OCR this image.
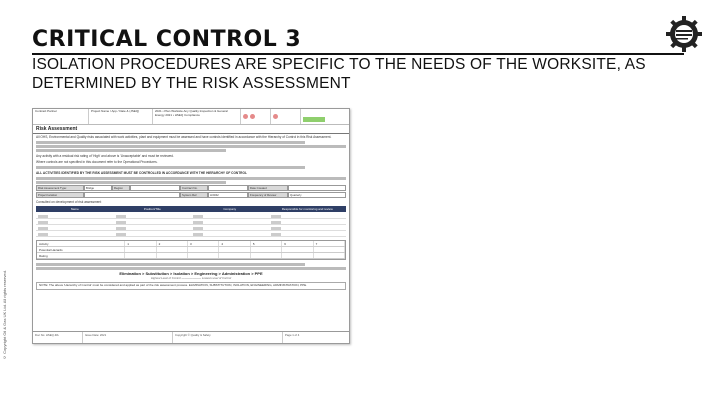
CRITICAL CONTROL 3
ISOLATION PROCEDURES ARE SPECIFIC TO THE NEEDS OF THE WORKSITE, AS DETERMINED BY THE RISK ASSESSMENT
© Copyright Oil & Gas UK Ltd. All rights reserved.
Contract Partner	Project Name / App / Date & (JSEQ)	2021 • Plan Worksite Any Quality Inspection & General Energy 2021 • HSEQ Compliance
Risk Assessment
All OHS, Environmental and Quality risks associated with work activities, plant and equipment must be assessed and have controls identified in accordance with the Hierarchy of Control in this Risk Assessment.
Any activity with a residual risk rating of 'High' and above is 'Unacceptable' and must be reviewed.
Where controls are not specified in this document refer to the Operational Procedures.
ALL ACTIVITIES IDENTIFIED BY THE RISK ASSESSMENT MUST BE CONTROLLED IN ACCORDANCE WITH THE HIERARCHY OF CONTROL
Risk Assessment Type:	Bridge	Region	Contract No.	Date Created
Project location	System Ref.	LDR42	Frequency of Review	Quarterly
Consulted on development of risk assessment
Name	Position/Title	Company	Responsible for monitoring and review
Activity	1	2	3	4	5	6	7
Potential Hazards
Rating
Elimination > Substitution > Isolation > Engineering > Administration > PPE
Highest Level of Control ——————— Lowest Level of Control
NOTE: The above 'Hierarchy of Control' must be considered and applied as part of the risk assessment process. ELIMINATION, SUBSTITUTION, ISOLATION, ENGINEERING, ADMINISTRATION, PPE.
Doc No: HSEQ-RA	Issue Date: 2021	Copyright © Quality & Safety	Page 1 of 4
